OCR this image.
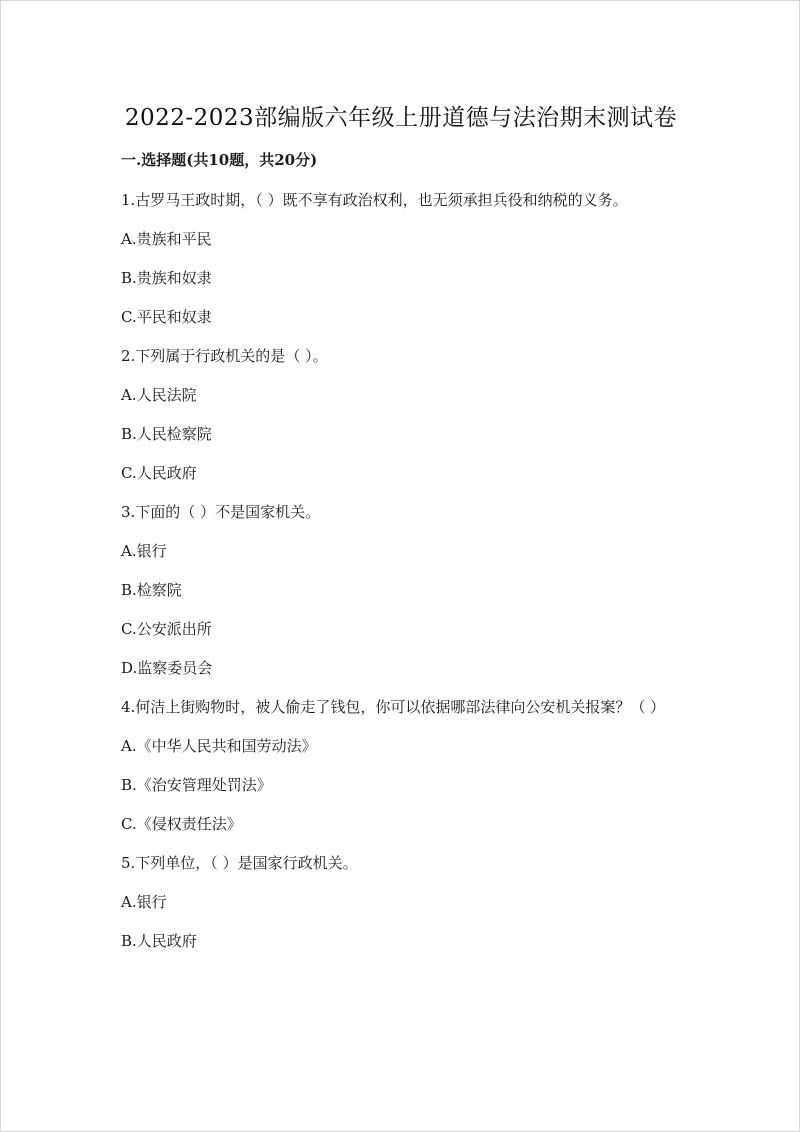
2022-2023部编版六年级上册道德与法治期末测试卷
一.选择题(共10题，共20分)
1.古罗马王政时期，（ ）既不享有政治权利，也无须承担兵役和纳税的义务。
A.贵族和平民
B.贵族和奴隶
C.平民和奴隶
2.下列属于行政机关的是（ ）。
A.人民法院
B.人民检察院
C.人民政府
3.下面的（ ）不是国家机关。
A.银行
B.检察院
C.公安派出所
D.监察委员会
4.何洁上街购物时，被人偷走了钱包，你可以依据哪部法律向公安机关报案？（ ）
A.《中华人民共和国劳动法》
B.《治安管理处罚法》
C.《侵权责任法》
5.下列单位，（ ）是国家行政机关。
A.银行
B.人民政府
